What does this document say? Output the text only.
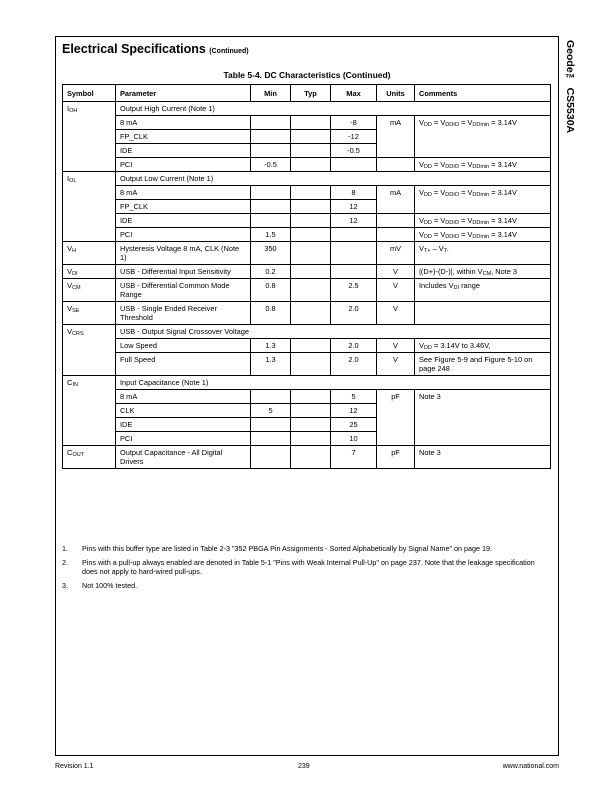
Electrical Specifications (Continued)	Geode™ CS5530A
Table 5-4. DC Characteristics (Continued)
Symbol	Parameter	Min	Typ	Max	Units	Comments
$I_{OH}$	Output High Current (Note 1)					
	8 mA			-8	mA	$V_{DD} = V_{DDIO} = V_{DDmin} = 3.14V$
	FP_CLK			-12		
	IDE			-0.5		
	PCI	-0.5				$V_{DD} = V_{DDIO} = V_{DDmin} = 3.14V$
$I_{OL}$	Output Low Current (Note 1)					
	8 mA			8	mA	$V_{DD} = V_{DDIO} = V_{DDmin} = 3.14V$
	FP_CLK			12		
	IDE			12		$V_{DD} = V_{DDIO} = V_{DDmin} = 3.14V$
	PCI	1.5				$V_{DD} = V_{DDIO} = V_{DDmin} = 3.14V$
$V_H$	Hysteresis Voltage 8 mA, CLK (Note 1)	350			mV	$V_{T+} - V_{T-}$
$V_{DI}$	USB - Differential Input Sensitivity	0.2			V	|(D+)-(D-)|, within $V_{CM}$, Note 3
$V_{CM}$	USB - Differential Common Mode Range	0.8		2.5	V	Includes $V_{DI}$ range
$V_{SE}$	USB - Single Ended Receiver Threshold	0.8		2.0	V	
$V_{CRS}$	USB - Output Signal Crossover Voltage					
	Low Speed	1.3		2.0	V	$V_{DD} = 3.14V$ to 3.46V,
	Full Speed	1.3		2.0	V	See Figure 5-9 and Figure 5-10 on page 248
$C_{IN}$	Input Capacitance (Note 1)					
	8 mA			5	pF	Note 3
	CLK	5		12		
	IDE			25		
	PCI			10		
$C_{OUT}$	Output Capacitance - All Digital Drivers			7	pF	Note 3
1.	Pins with this buffer type are listed in Table 2-3 "352 PBGA Pin Assignments - Sorted Alphabetically by Signal Name" on page 19.
2.	Pins with a pull-up always enabled are denoted in Table 5-1 "Pins with Weak Internal Pull-Up" on page 237. Note that the leakage specification does not apply to hard-wired pull-ups.
3.	Not 100% tested.
Revision 1.1	239	www.national.com
